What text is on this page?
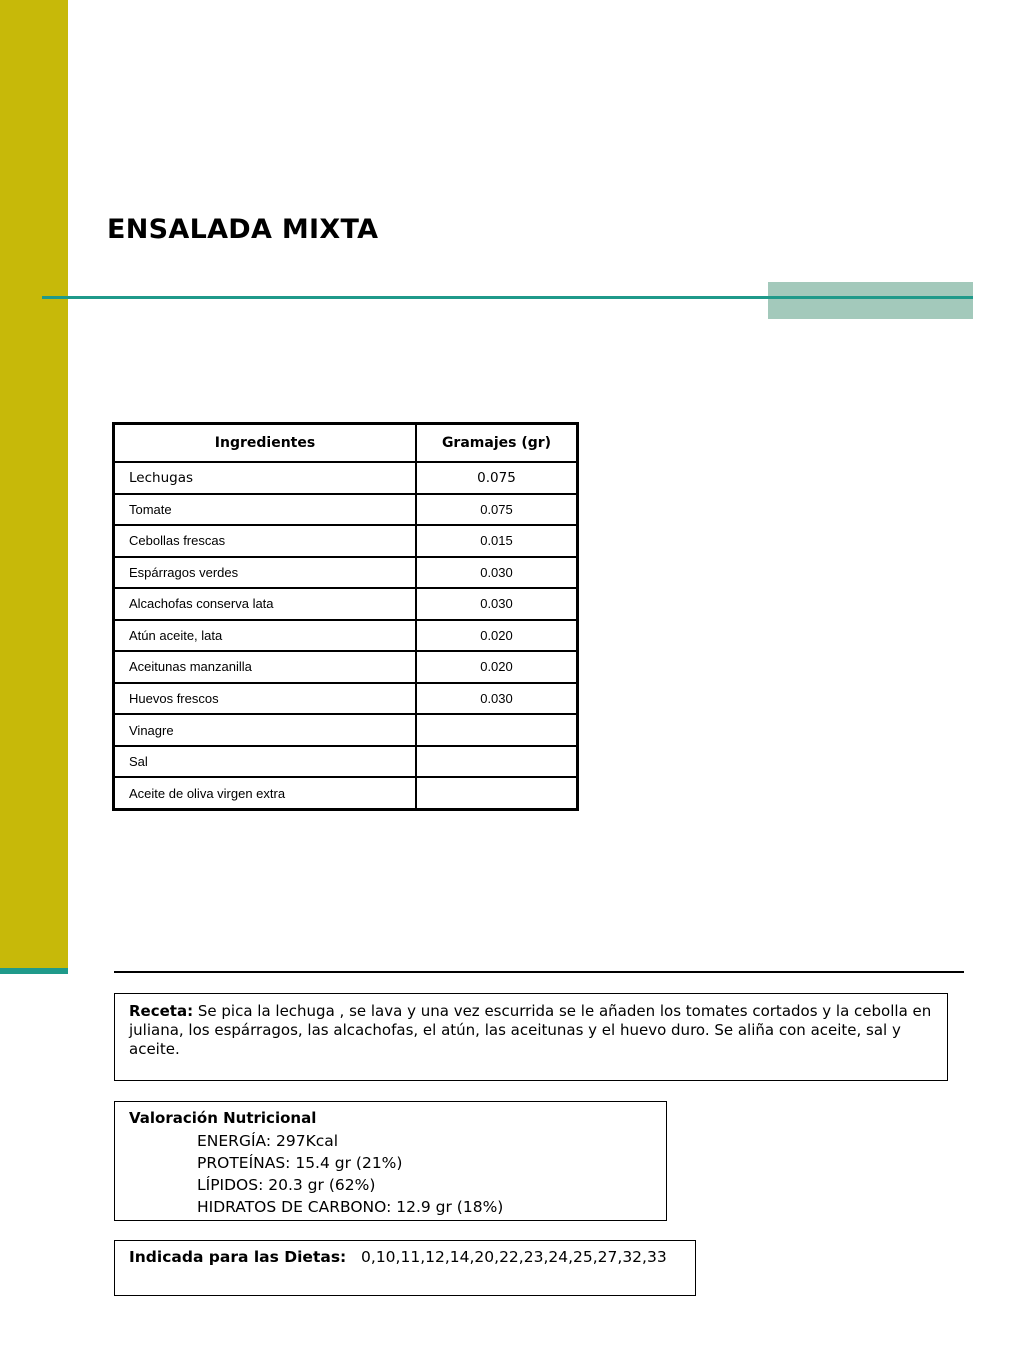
ENSALADA MIXTA
Ingredientes	Gramajes (gr)
Lechugas	0.075
Tomate	0.075
Cebollas frescas	0.015
Espárragos verdes	0.030
Alcachofas conserva lata	0.030
Atún aceite, lata	0.020
Aceitunas manzanilla	0.020
Huevos frescos	0.030
Vinagre	
Sal	
Aceite de oliva virgen extra	
Receta: Se pica la lechuga , se lava y una vez escurrida se le añaden los tomates cortados y la cebolla en juliana, los espárragos, las alcachofas, el atún, las aceitunas y el huevo duro. Se aliña con aceite, sal y aceite.
Valoración Nutricional
ENERGÍA: 297Kcal
PROTEÍNAS: 15.4 gr (21%)
LÍPIDOS: 20.3 gr (62%)
HIDRATOS DE CARBONO: 12.9 gr (18%)
Indicada para las Dietas: 0,10,11,12,14,20,22,23,24,25,27,32,33
